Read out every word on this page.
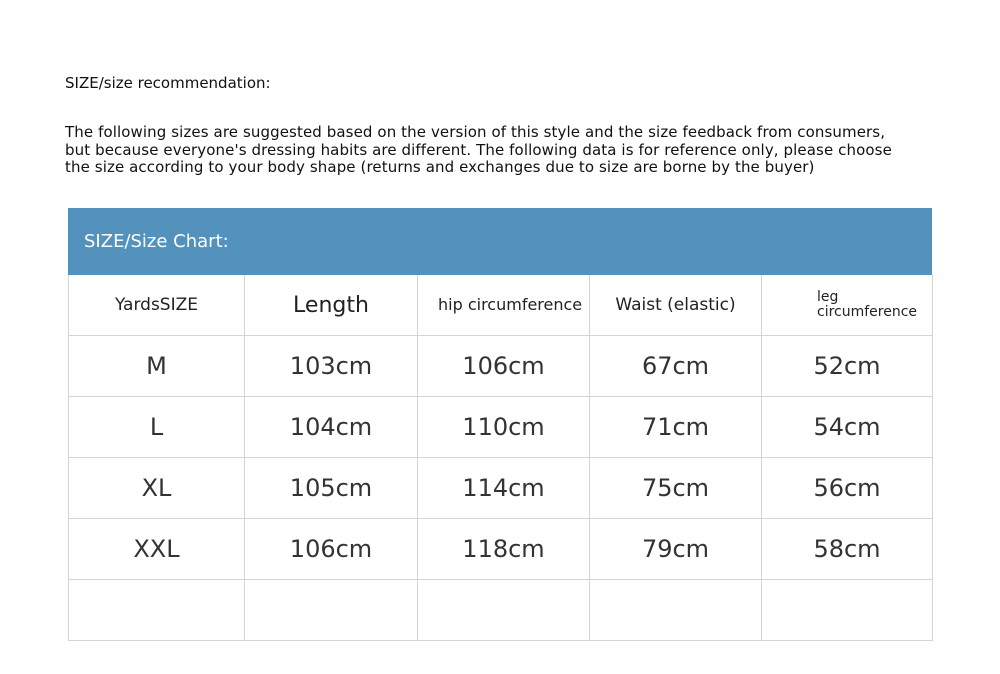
SIZE/size recommendation:
The following sizes are suggested based on the version of this style and the size feedback from consumers,
but because everyone's dressing habits are different. The following data is for reference only, please choose
the size according to your body shape (returns and exchanges due to size are borne by the buyer)
SIZE/Size Chart:
YardsSIZE	Length	hip circumference	Waist (elastic)	leg circumference
M	103cm	106cm	67cm	52cm
L	104cm	110cm	71cm	54cm
XL	105cm	114cm	75cm	56cm
XXL	106cm	118cm	79cm	58cm
